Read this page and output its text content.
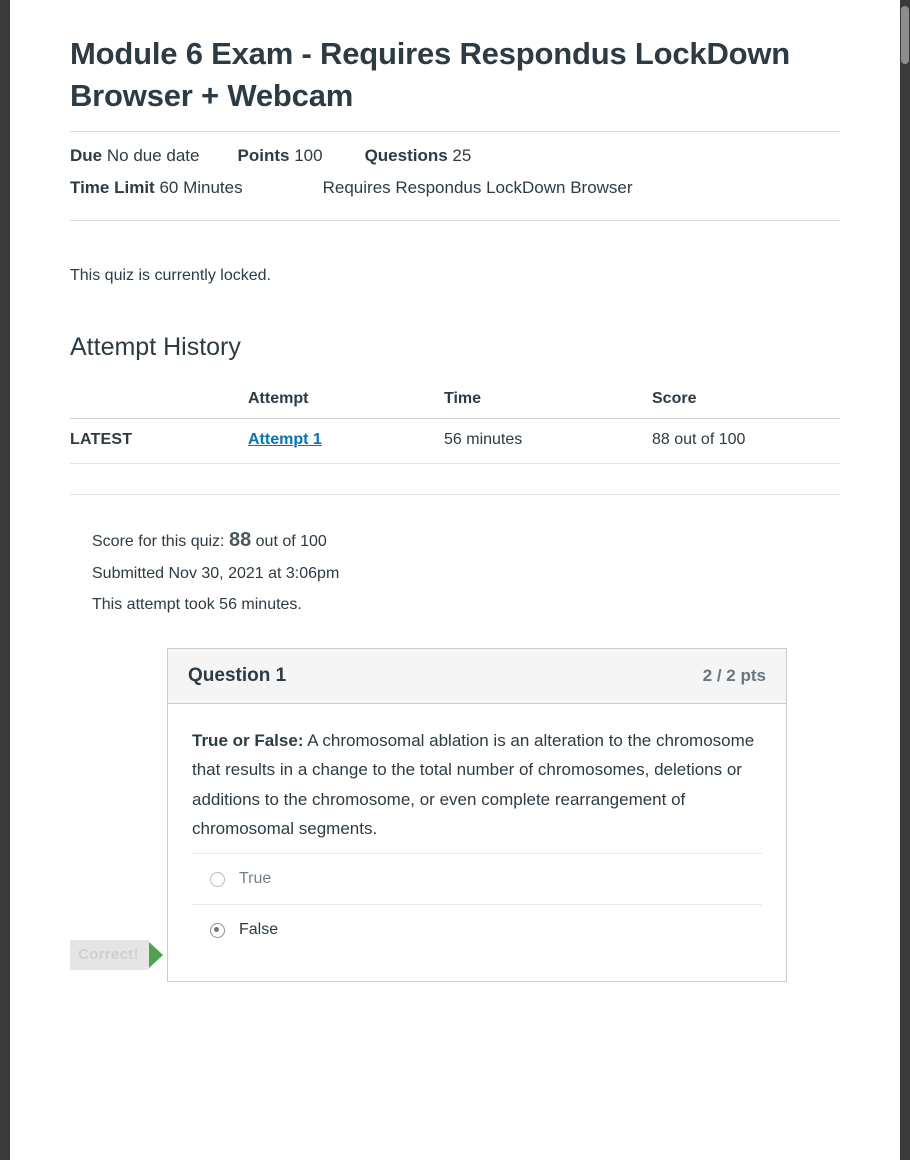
Module 6 Exam - Requires Respondus LockDown Browser + Webcam
Due No due date Points 100 Questions 25
Time Limit 60 Minutes	Requires Respondus LockDown Browser
This quiz is currently locked.
Attempt History
	Attempt	Time	Score
LATEST	Attempt 1	56 minutes	88 out of 100
Score for this quiz: 88 out of 100
Submitted Nov 30, 2021 at 3:06pm
This attempt took 56 minutes.
Question 1	2 / 2 pts
True or False: A chromosomal ablation is an alteration to the chromosome that results in a change to the total number of chromosomes, deletions or additions to the chromosome, or even complete rearrangement of chromosomal segments.
True
False
Correct!
